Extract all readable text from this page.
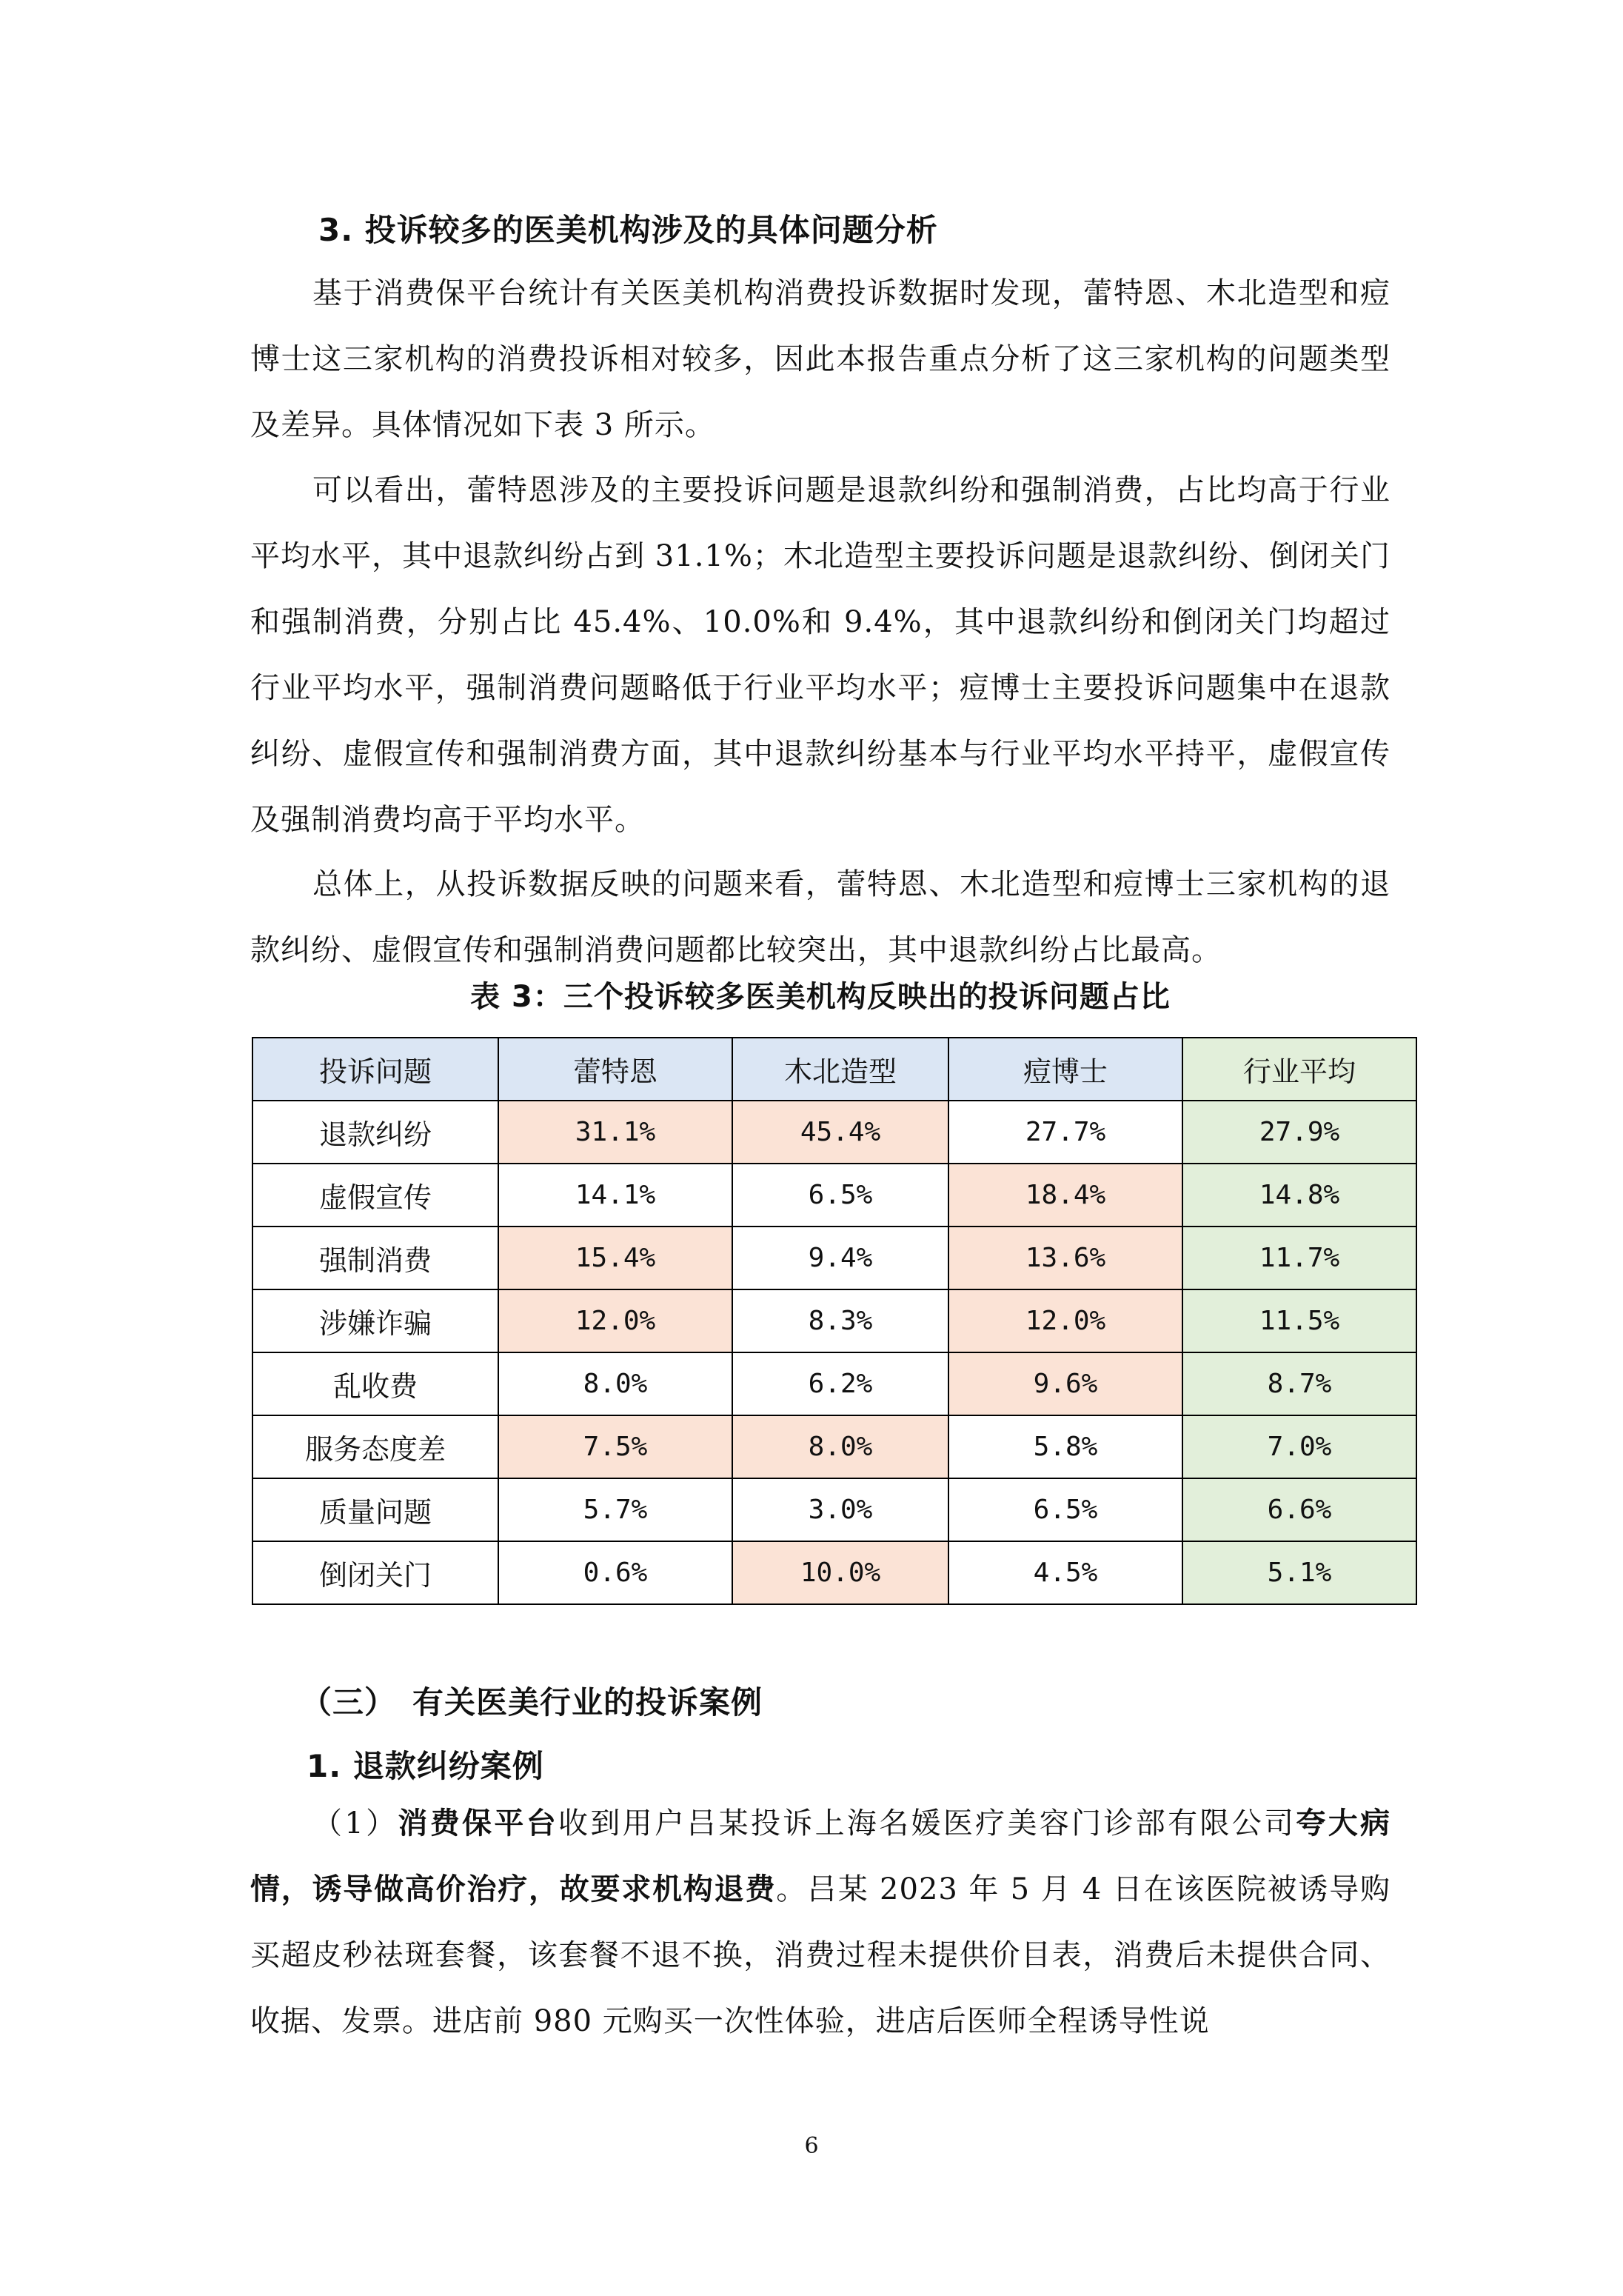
3. 投诉较多的医美机构涉及的具体问题分析
基于消费保平台统计有关医美机构消费投诉数据时发现，蕾特恩、木北造型和痘博士这三家机构的消费投诉相对较多，因此本报告重点分析了这三家机构的问题类型及差异。具体情况如下表 3 所示。
可以看出，蕾特恩涉及的主要投诉问题是退款纠纷和强制消费，占比均高于行业平均水平，其中退款纠纷占到 31.1%；木北造型主要投诉问题是退款纠纷、倒闭关门和强制消费，分别占比 45.4%、10.0%和 9.4%，其中退款纠纷和倒闭关门均超过行业平均水平，强制消费问题略低于行业平均水平；痘博士主要投诉问题集中在退款纠纷、虚假宣传和强制消费方面，其中退款纠纷基本与行业平均水平持平，虚假宣传及强制消费均高于平均水平。
总体上，从投诉数据反映的问题来看，蕾特恩、木北造型和痘博士三家机构的退款纠纷、虚假宣传和强制消费问题都比较突出，其中退款纠纷占比最高。
表 3：三个投诉较多医美机构反映出的投诉问题占比
投诉问题	蕾特恩	木北造型	痘博士	行业平均
退款纠纷	31.1%	45.4%	27.7%	27.9%
虚假宣传	14.1%	6.5%	18.4%	14.8%
强制消费	15.4%	9.4%	13.6%	11.7%
涉嫌诈骗	12.0%	8.3%	12.0%	11.5%
乱收费	8.0%	6.2%	9.6%	8.7%
服务态度差	7.5%	8.0%	5.8%	7.0%
质量问题	5.7%	3.0%	6.5%	6.6%
倒闭关门	0.6%	10.0%	4.5%	5.1%
（三）　有关医美行业的投诉案例
1. 退款纠纷案例
（1）消费保平台收到用户吕某投诉上海名媛医疗美容门诊部有限公司夸大病情，诱导做高价治疗，故要求机构退费。吕某 2023 年 5 月 4 日在该医院被诱导购买超皮秒祛斑套餐，该套餐不退不换，消费过程未提供价目表，消费后未提供合同、收据、发票。进店前 980 元购买一次性体验，进店后医师全程诱导性说
6
